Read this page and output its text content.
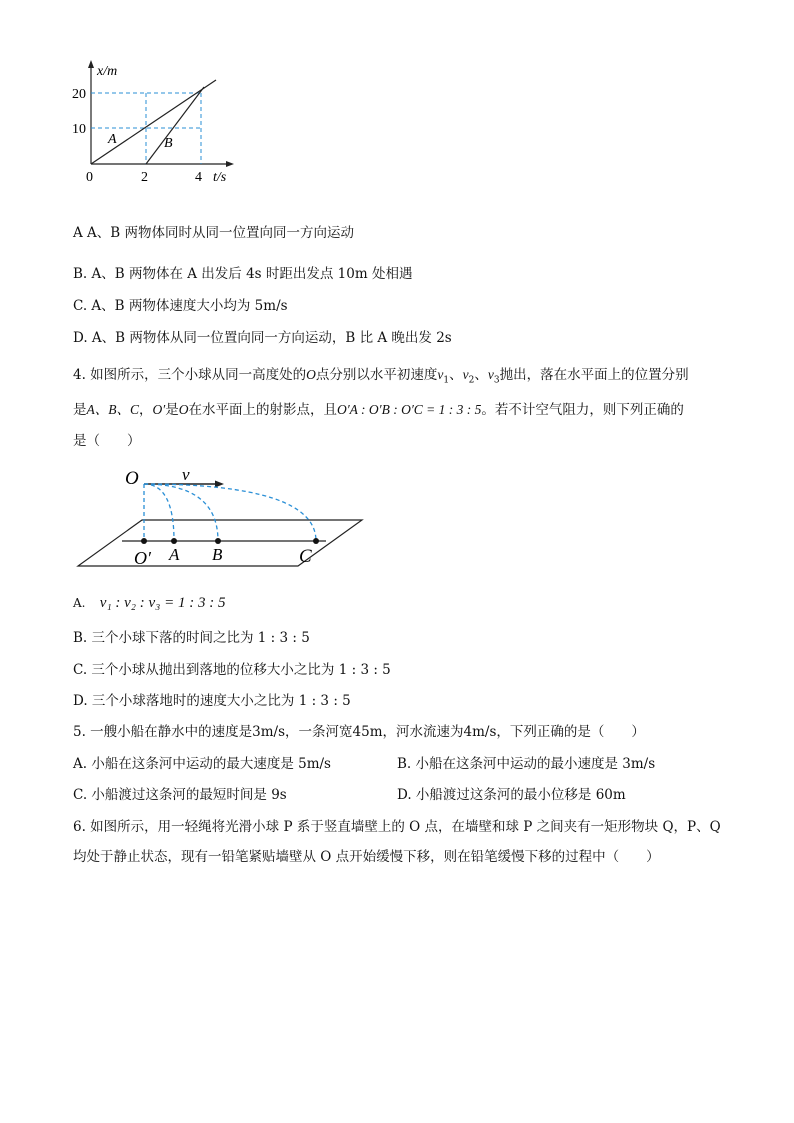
x/m
20
10
0	2	4 t/s
A	B
A A、B 两物体同时从同一位置向同一方向运动
B. A、B 两物体在 A 出发后 4s 时距出发点 10m 处相遇
C. A、B 两物体速度大小均为 5m/s
D. A、B 两物体从同一位置向同一方向运动，B 比 A 晚出发 2s
4. 如图所示，三个小球从同一高度处的O点分别以水平初速度$v_1$、$v_2$、$v_3$抛出，落在水平面上的位置分别
是A、B、C，O′是O在水平面上的射影点，且O′A : O′B : O′C = 1 : 3 : 5。若不计空气阻力，则下列正确的
是（　　）
O	v
O′ A B	C
A. v₁ : v₂ : v₃ = 1 : 3 : 5
B. 三个小球下落的时间之比为 1 : 3 : 5
C. 三个小球从抛出到落地的位移大小之比为 1 : 3 : 5
D. 三个小球落地时的速度大小之比为 1 : 3 : 5
5. 一艘小船在静水中的速度是3m/s，一条河宽45m，河水流速为4m/s，下列正确的是（　　）
A. 小船在这条河中运动的最大速度是 5m/s	B. 小船在这条河中运动的最小速度是 3m/s
C. 小船渡过这条河的最短时间是 9s	D. 小船渡过这条河的最小位移是 60m
6. 如图所示，用一轻绳将光滑小球 P 系于竖直墙壁上的 O 点，在墙壁和球 P 之间夹有一矩形物块 Q，P、Q
均处于静止状态，现有一铅笔紧贴墙壁从 O 点开始缓慢下移，则在铅笔缓慢下移的过程中（　　）
